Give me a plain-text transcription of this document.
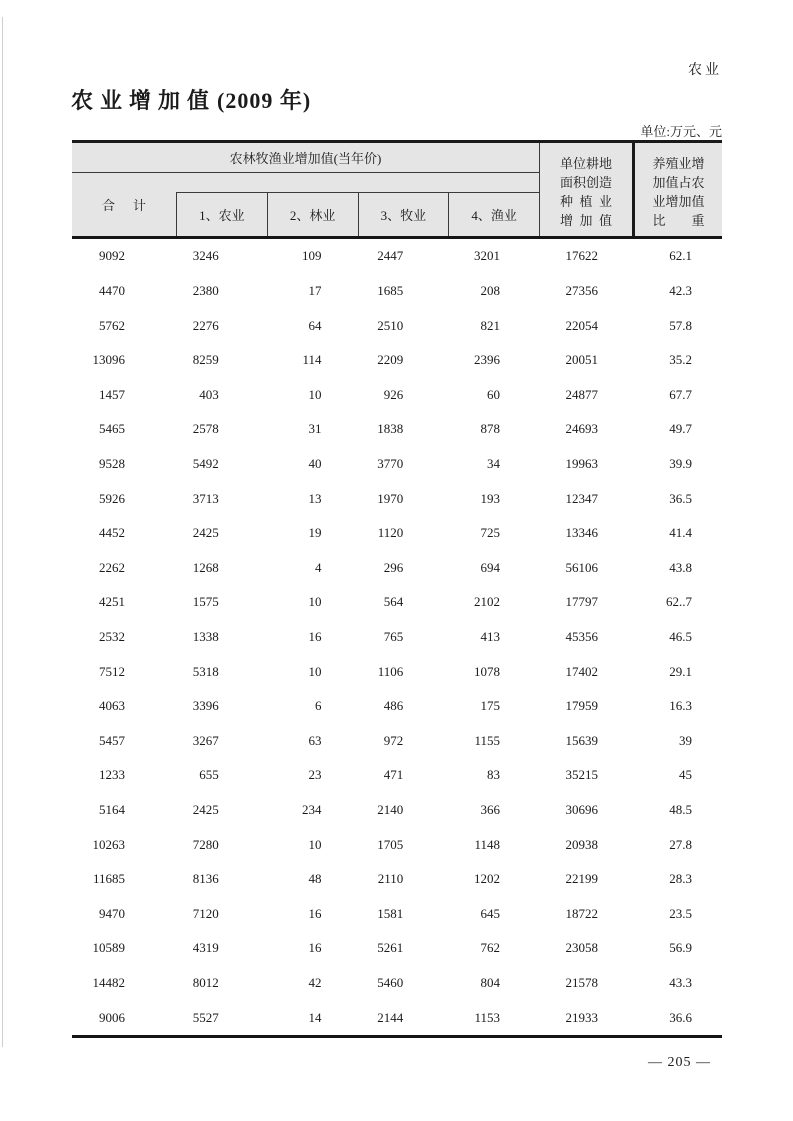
农业
农业增加值(2009 年)
单位:万元、元
农林牧渔业增加值(当年价)
合计
1、农业	2、林业	3、牧业	4、渔业
单位耕地
面积创造
种植业
增加值
养殖业增
加值占农
业增加值
比重
9092	3246	109	2447	3201	17622	62.1
4470	2380	17	1685	208	27356	42.3
5762	2276	64	2510	821	22054	57.8
13096	8259	114	2209	2396	20051	35.2
1457	403	10	926	60	24877	67.7
5465	2578	31	1838	878	24693	49.7
9528	5492	40	3770	34	19963	39.9
5926	3713	13	1970	193	12347	36.5
4452	2425	19	1120	725	13346	41.4
2262	1268	4	296	694	56106	43.8
4251	1575	10	564	2102	17797	62..7
2532	1338	16	765	413	45356	46.5
7512	5318	10	1106	1078	17402	29.1
4063	3396	6	486	175	17959	16.3
5457	3267	63	972	1155	15639	39
1233	655	23	471	83	35215	45
5164	2425	234	2140	366	30696	48.5
10263	7280	10	1705	1148	20938	27.8
11685	8136	48	2110	1202	22199	28.3
9470	7120	16	1581	645	18722	23.5
10589	4319	16	5261	762	23058	56.9
14482	8012	42	5460	804	21578	43.3
9006	5527	14	2144	1153	21933	36.6
— 205 —
